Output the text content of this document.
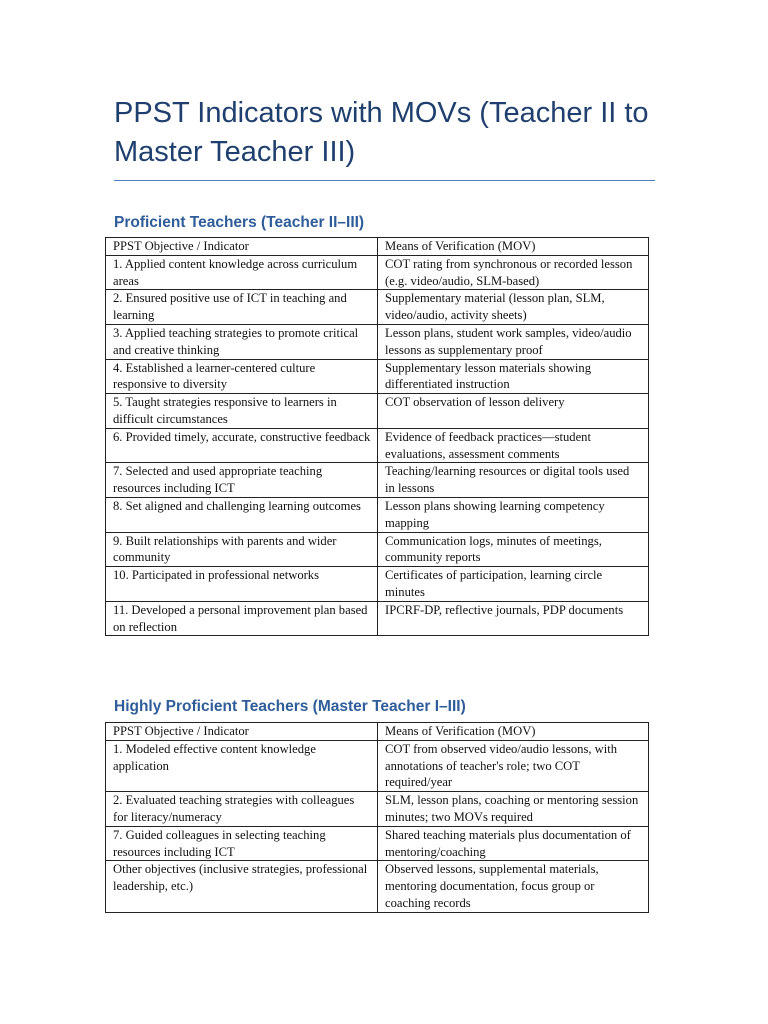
PPST Indicators with MOVs (Teacher II to Master Teacher III)
Proficient Teachers (Teacher II–III)
PPST Objective / Indicator	Means of Verification (MOV)
1. Applied content knowledge across curriculum areas	COT rating from synchronous or recorded lesson (e.g. video/audio, SLM-based)
2. Ensured positive use of ICT in teaching and learning	Supplementary material (lesson plan, SLM, video/audio, activity sheets)
3. Applied teaching strategies to promote critical and creative thinking	Lesson plans, student work samples, video/audio lessons as supplementary proof
4. Established a learner-centered culture responsive to diversity	Supplementary lesson materials showing differentiated instruction
5. Taught strategies responsive to learners in difficult circumstances	COT observation of lesson delivery
6. Provided timely, accurate, constructive feedback	Evidence of feedback practices—student evaluations, assessment comments
7. Selected and used appropriate teaching resources including ICT	Teaching/learning resources or digital tools used in lessons
8. Set aligned and challenging learning outcomes	Lesson plans showing learning competency mapping
9. Built relationships with parents and wider community	Communication logs, minutes of meetings, community reports
10. Participated in professional networks	Certificates of participation, learning circle minutes
11. Developed a personal improvement plan based on reflection	IPCRF-DP, reflective journals, PDP documents
Highly Proficient Teachers (Master Teacher I–III)
PPST Objective / Indicator	Means of Verification (MOV)
1. Modeled effective content knowledge application	COT from observed video/audio lessons, with annotations of teacher's role; two COT required/year
2. Evaluated teaching strategies with colleagues for literacy/numeracy	SLM, lesson plans, coaching or mentoring session minutes; two MOVs required
7. Guided colleagues in selecting teaching resources including ICT	Shared teaching materials plus documentation of mentoring/coaching
Other objectives (inclusive strategies, professional leadership, etc.)	Observed lessons, supplemental materials, mentoring documentation, focus group or coaching records
